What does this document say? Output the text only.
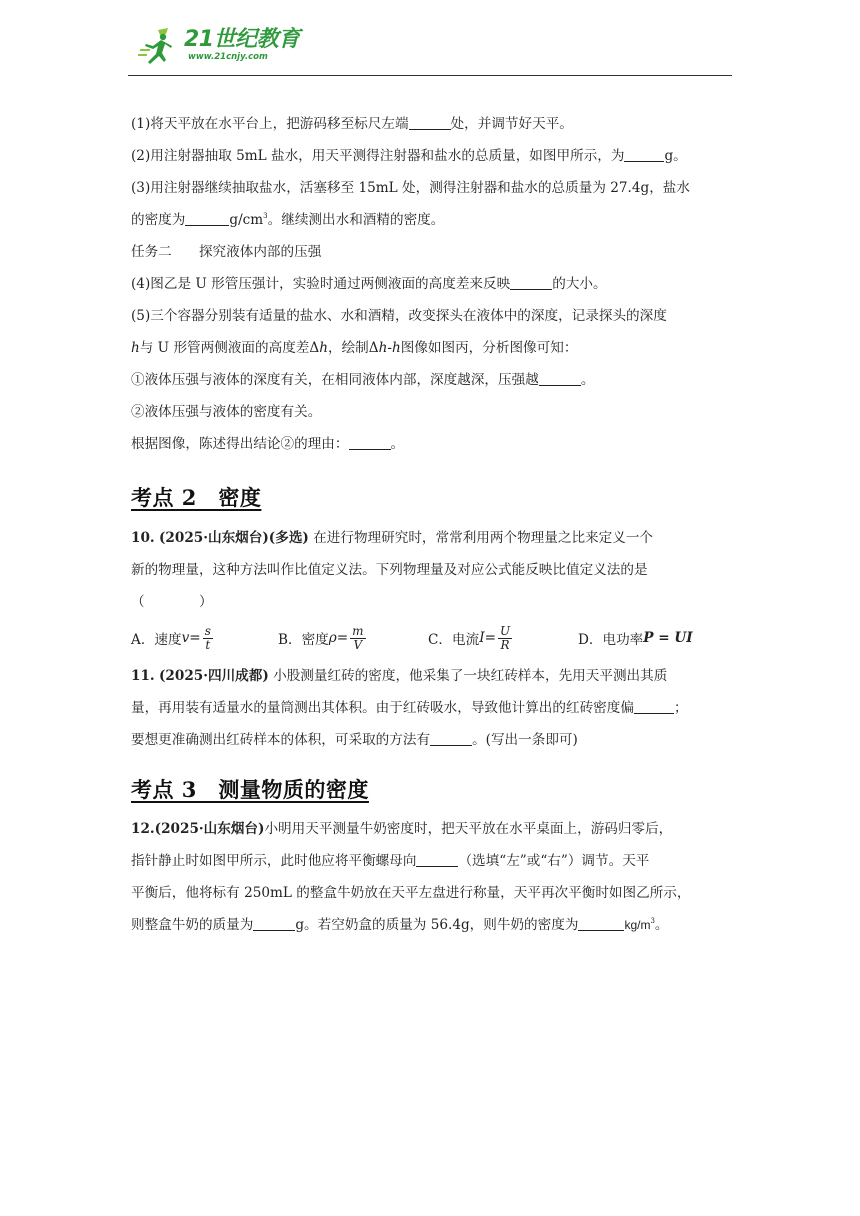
21世纪教育
www.21cnjy.com

(1)将天平放在水平台上，把游码移至标尺左端	处，并调节好天平。

(2)用注射器抽取 5mL 盐水，用天平测得注射器和盐水的总质量，如图甲所示，为	g。

(3)用注射器继续抽取盐水，活塞移至 15mL 处，测得注射器和盐水的总质量为 27.4g，盐水

的密度为	$g/cm^3$。继续测出水和酒精的密度。

任务二　　探究液体内部的压强

(4)图乙是 U 形管压强计，实验时通过两侧液面的高度差来反映	的大小。

(5)三个容器分别装有适量的盐水、水和酒精，改变探头在液体中的深度，记录探头的深度

h与 U 形管两侧液面的高度差Δh，绘制Δh-h图像如图丙，分析图像可知：

①液体压强与液体的深度有关，在相同液体内部，深度越深，压强越	。

②液体压强与液体的密度有关。

根据图像，陈述得出结论②的理由：	。

考点 2　密度

10. (2025·山东烟台)(多选) 在进行物理研究时，常常利用两个物理量之比来定义一个

新的物理量，这种方法叫作比值定义法。下列物理量及对应公式能反映比值定义法的是

（　　　　）

A．速度 $v = \frac{s}{t}$	B．密度 $\rho = \frac{m}{V}$	C．电流 $I = \frac{U}{R}$	D．电功率 P = UI

11. (2025·四川成都) 小股测量红砖的密度，他采集了一块红砖样本，先用天平测出其质

量，再用装有适量水的量筒测出其体积。由于红砖吸水，导致他计算出的红砖密度偏	；

要想更准确测出红砖样本的体积，可采取的方法有	。(写出一条即可)

考点 3　测量物质的密度

12.(2025·山东烟台)小明用天平测量牛奶密度时，把天平放在水平桌面上，游码归零后，

指针静止时如图甲所示，此时他应将平衡螺母向	（选填“左”或“右”）调节。天平

平衡后，他将标有 250mL 的整盒牛奶放在天平左盘进行称量，天平再次平衡时如图乙所示，

则整盒牛奶的质量为	g。若空奶盒的质量为 56.4g，则牛奶的密度为	$kg/m^3$。
